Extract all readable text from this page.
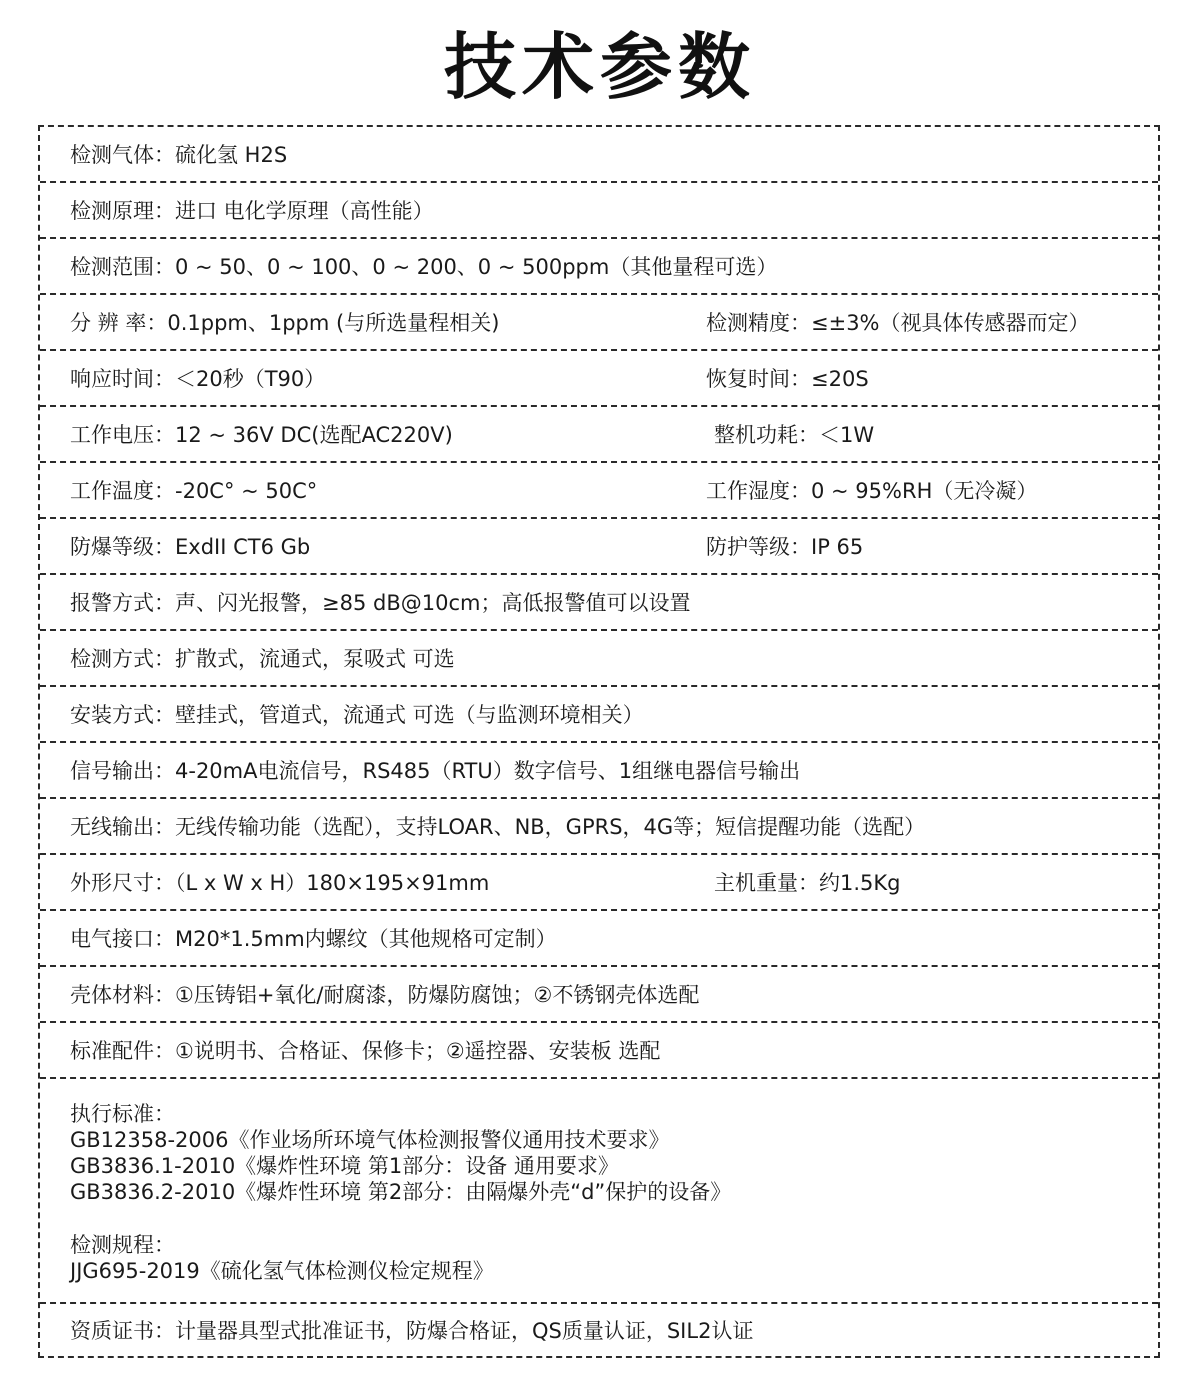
技术参数
检测气体：硫化氢 H2S
检测原理：进口 电化学原理（高性能）
检测范围：0 ~ 50、0 ~ 100、0 ~ 200、0 ~ 500ppm（其他量程可选）
分 辨 率：0.1ppm、1ppm (与所选量程相关)	检测精度：≤±3%（视具体传感器而定）
响应时间：＜20秒（T90）	恢复时间：≤20S
工作电压：12 ~ 36V DC(选配AC220V)	整机功耗：＜1W
工作温度：-20C° ~ 50C°	工作湿度：0 ~ 95%RH（无冷凝）
防爆等级：ExdII CT6 Gb	防护等级：IP 65
报警方式：声、闪光报警，≥85 dB@10cm；高低报警值可以设置
检测方式：扩散式，流通式，泵吸式 可选
安装方式：壁挂式，管道式，流通式 可选（与监测环境相关）
信号输出：4-20mA电流信号，RS485（RTU）数字信号、1组继电器信号输出
无线输出：无线传输功能（选配），支持LOAR、NB，GPRS，4G等；短信提醒功能（选配）
外形尺寸：（L x W x H）180×195×91mm	主机重量：约1.5Kg
电气接口：M20*1.5mm内螺纹（其他规格可定制）
壳体材料：①压铸铝+氧化/耐腐漆，防爆防腐蚀；②不锈钢壳体选配
标准配件：①说明书、合格证、保修卡；②遥控器、安装板 选配
执行标准：
GB12358-2006《作业场所环境气体检测报警仪通用技术要求》
GB3836.1-2010《爆炸性环境 第1部分：设备 通用要求》
GB3836.2-2010《爆炸性环境 第2部分：由隔爆外壳“d”保护的设备》
检测规程：
JJG695-2019《硫化氢气体检测仪检定规程》
资质证书：计量器具型式批准证书，防爆合格证，QS质量认证，SIL2认证
